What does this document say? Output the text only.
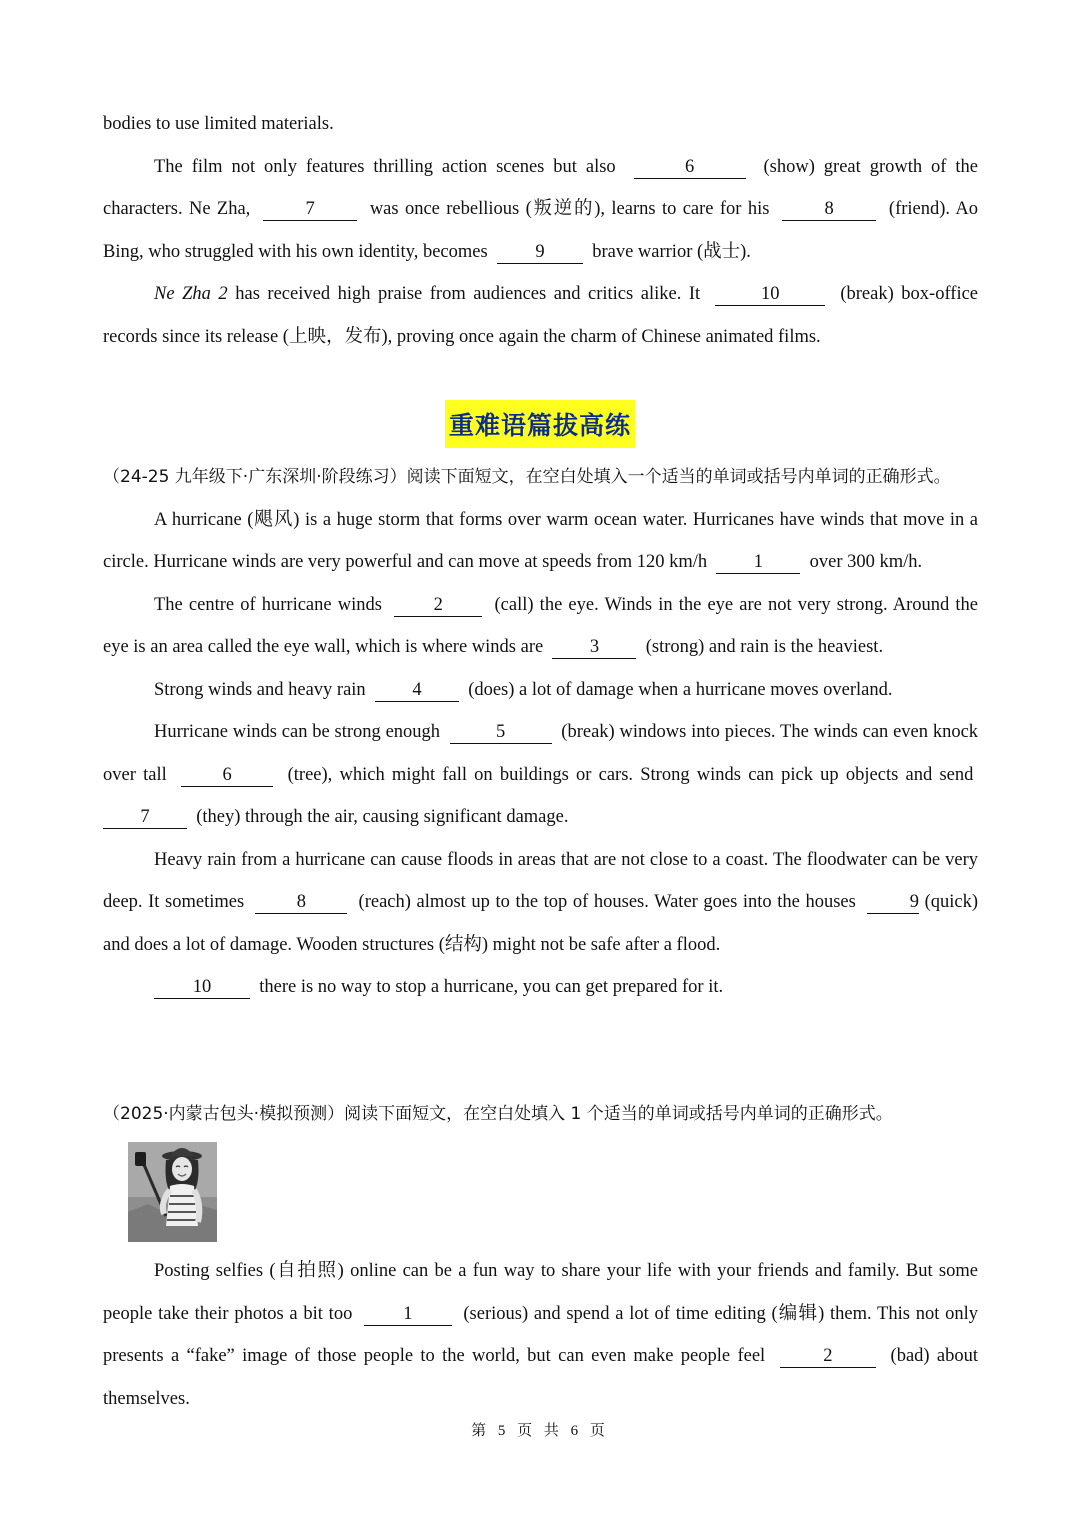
bodies to use limited materials.

The film not only features thrilling action scenes but also	6	(show) great growth of the characters. Ne Zha,	7	was once rebellious (叛逆的), learns to care for his	8	(friend). Ao Bing, who struggled with his own identity, becomes	9	brave warrior (战士).

Ne Zha 2 has received high praise from audiences and critics alike. It	10	(break) box-office records since its release (上映，发布), proving once again the charm of Chinese animated films.

重难语篇拔高练

（24-25 九年级下·广东深圳·阶段练习）阅读下面短文，在空白处填入一个适当的单词或括号内单词的正确形式。

A hurricane (飓风) is a huge storm that forms over warm ocean water. Hurricanes have winds that move in a circle. Hurricane winds are very powerful and can move at speeds from 120 km/h	1	over 300 km/h.

The centre of hurricane winds	2	(call) the eye. Winds in the eye are not very strong. Around the eye is an area called the eye wall, which is where winds are	3	(strong) and rain is the heaviest.

Strong winds and heavy rain	4	(does) a lot of damage when a hurricane moves overland.

Hurricane winds can be strong enough	5	(break) windows into pieces. The winds can even knock over tall	6	(tree), which might fall on buildings or cars. Strong winds can pick up objects and send  7	(they) through the air, causing significant damage.

Heavy rain from a hurricane can cause floods in areas that are not close to a coast. The floodwater can be very deep. It sometimes	8	(reach) almost up to the top of houses. Water goes into the houses	9 (quick) and does a lot of damage. Wooden structures (结构) might not be safe after a flood.

10	there is no way to stop a hurricane, you can get prepared for it.

（2025·内蒙古包头·模拟预测）阅读下面短文，在空白处填入 1 个适当的单词或括号内单词的正确形式。

Posting selfies (自拍照) online can be a fun way to share your life with your friends and family. But some people take their photos a bit too	1	(serious) and spend a lot of time editing (编辑) them. This not only presents a “fake” image of those people to the world, but can even make people feel	2	(bad) about themselves.

第 5 页 共 6 页
